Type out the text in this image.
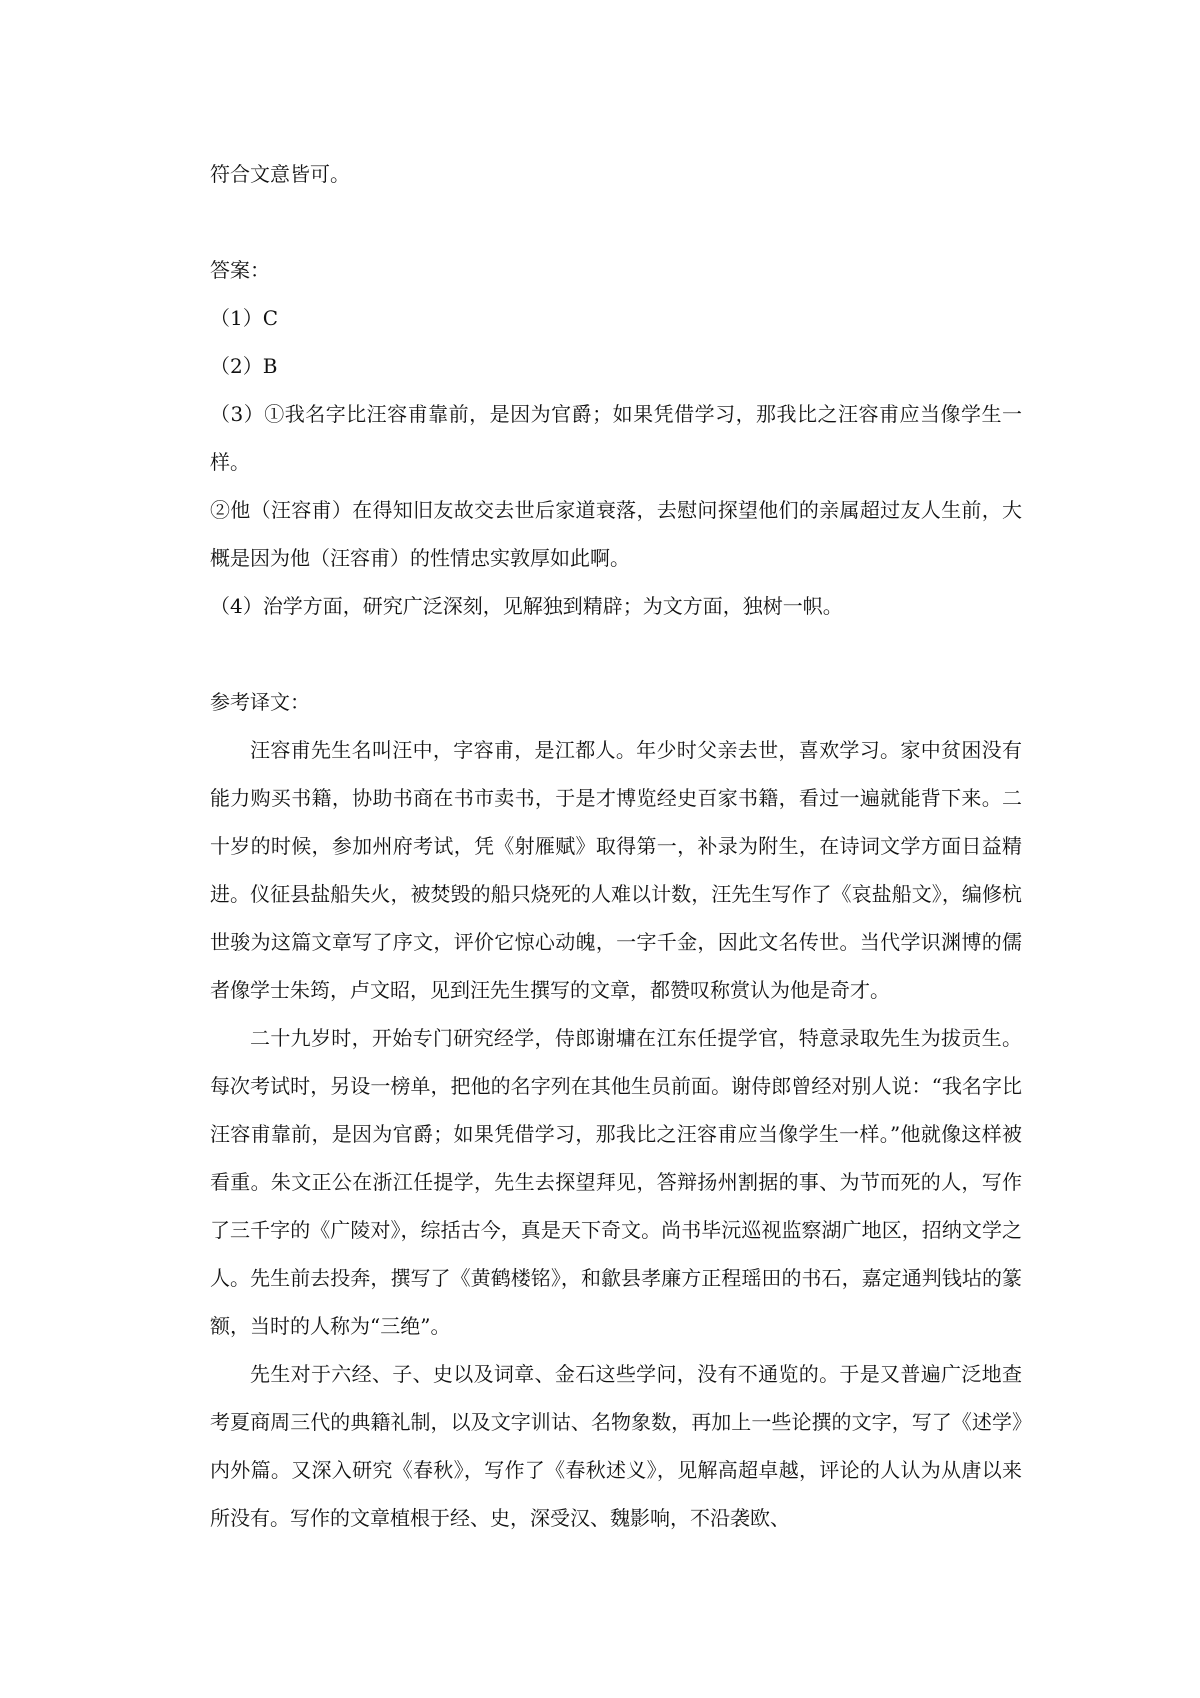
符合文意皆可。

答案：

（1）C

（2）B

（3）①我名字比汪容甫靠前，是因为官爵；如果凭借学习，那我比之汪容甫应当像学生一样。

②他（汪容甫）在得知旧友故交去世后家道衰落，去慰问探望他们的亲属超过友人生前，大概是因为他（汪容甫）的性情忠实敦厚如此啊。

（4）治学方面，研究广泛深刻，见解独到精辟；为文方面，独树一帜。

参考译文：

汪容甫先生名叫汪中，字容甫，是江都人。年少时父亲去世，喜欢学习。家中贫困没有能力购买书籍，协助书商在书市卖书，于是才博览经史百家书籍，看过一遍就能背下来。二十岁的时候，参加州府考试，凭《射雁赋》取得第一，补录为附生，在诗词文学方面日益精进。仪征县盐船失火，被焚毁的船只烧死的人难以计数，汪先生写作了《哀盐船文》，编修杭世骏为这篇文章写了序文，评价它惊心动魄，一字千金，因此文名传世。当代学识渊博的儒者像学士朱筠，卢文昭，见到汪先生撰写的文章，都赞叹称赏认为他是奇才。

二十九岁时，开始专门研究经学，侍郎谢墉在江东任提学官，特意录取先生为拔贡生。每次考试时，另设一榜单，把他的名字列在其他生员前面。谢侍郎曾经对别人说：“我名字比汪容甫靠前，是因为官爵；如果凭借学习，那我比之汪容甫应当像学生一样。”他就像这样被看重。朱文正公在浙江任提学，先生去探望拜见，答辩扬州割据的事、为节而死的人，写作了三千字的《广陵对》，综括古今，真是天下奇文。尚书毕沅巡视监察湖广地区，招纳文学之人。先生前去投奔，撰写了《黄鹤楼铭》，和歙县孝廉方正程瑶田的书石，嘉定通判钱坫的篆额，当时的人称为“三绝”。

先生对于六经、子、史以及词章、金石这些学问，没有不通览的。于是又普遍广泛地查考夏商周三代的典籍礼制，以及文字训诂、名物象数，再加上一些论撰的文字，写了《述学》内外篇。又深入研究《春秋》，写作了《春秋述义》，见解高超卓越，评论的人认为从唐以来所没有。写作的文章植根于经、史，深受汉、魏影响，不沿袭欧、
